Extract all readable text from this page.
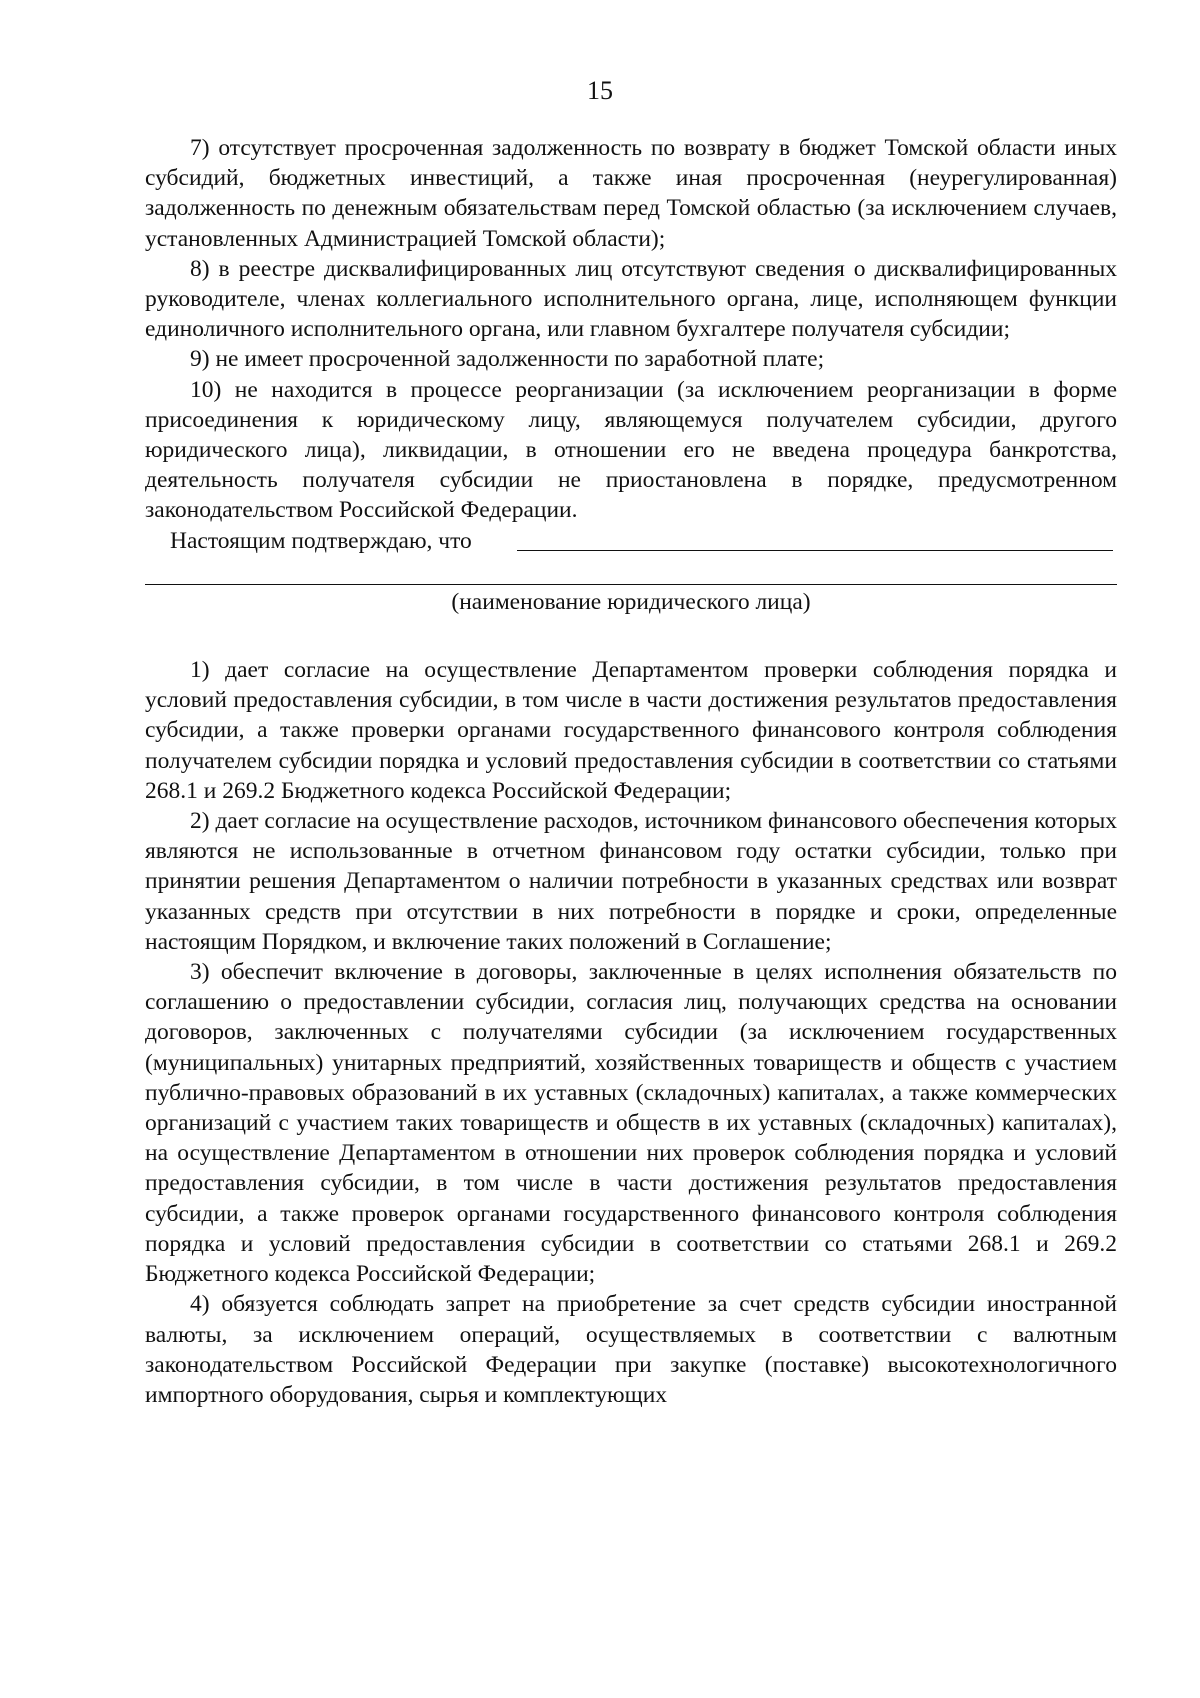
15

7) отсутствует просроченная задолженность по возврату в бюджет Томской области иных субсидий, бюджетных инвестиций, а также иная просроченная (неурегулированная) задолженность по денежным обязательствам перед Томской областью (за исключением случаев, установленных Администрацией Томской области);

8) в реестре дисквалифицированных лиц отсутствуют сведения о дисквалифицированных руководителе, членах коллегиального исполнительного органа, лице, исполняющем функции единоличного исполнительного органа, или главном бухгалтере получателя субсидии;

9) не имеет просроченной задолженности по заработной плате;

10) не находится в процессе реорганизации (за исключением реорганизации в форме присоединения к юридическому лицу, являющемуся получателем субсидии, другого юридического лица), ликвидации, в отношении его не введена процедура банкротства, деятельность получателя субсидии не приостановлена в порядке, предусмотренном законодательством Российской Федерации.

Настоящим подтверждаю, что
(наименование юридического лица)

1) дает согласие на осуществление Департаментом проверки соблюдения порядка и условий предоставления субсидии, в том числе в части достижения результатов предоставления субсидии, а также проверки органами государственного финансового контроля соблюдения получателем субсидии порядка и условий предоставления субсидии в соответствии со статьями 268.1 и 269.2 Бюджетного кодекса Российской Федерации;

2) дает согласие на осуществление расходов, источником финансового обеспечения которых являются не использованные в отчетном финансовом году остатки субсидии, только при принятии решения Департаментом о наличии потребности в указанных средствах или возврат указанных средств при отсутствии в них потребности в порядке и сроки, определенные настоящим Порядком, и включение таких положений в Соглашение;

3) обеспечит включение в договоры, заключенные в целях исполнения обязательств по соглашению о предоставлении субсидии, согласия лиц, получающих средства на основании договоров, заключенных с получателями субсидии (за исключением государственных (муниципальных) унитарных предприятий, хозяйственных товариществ и обществ с участием публично-правовых образований в их уставных (складочных) капиталах, а также коммерческих организаций с участием таких товариществ и обществ в их уставных (складочных) капиталах), на осуществление Департаментом в отношении них проверок соблюдения порядка и условий предоставления субсидии, в том числе в части достижения результатов предоставления субсидии, а также проверок органами государственного финансового контроля соблюдения порядка и условий предоставления субсидии в соответствии со статьями 268.1 и 269.2 Бюджетного кодекса Российской Федерации;

4) обязуется соблюдать запрет на приобретение за счет средств субсидии иностранной валюты, за исключением операций, осуществляемых в соответствии с валютным законодательством Российской Федерации при закупке (поставке) высокотехнологичного импортного оборудования, сырья и комплектующих
